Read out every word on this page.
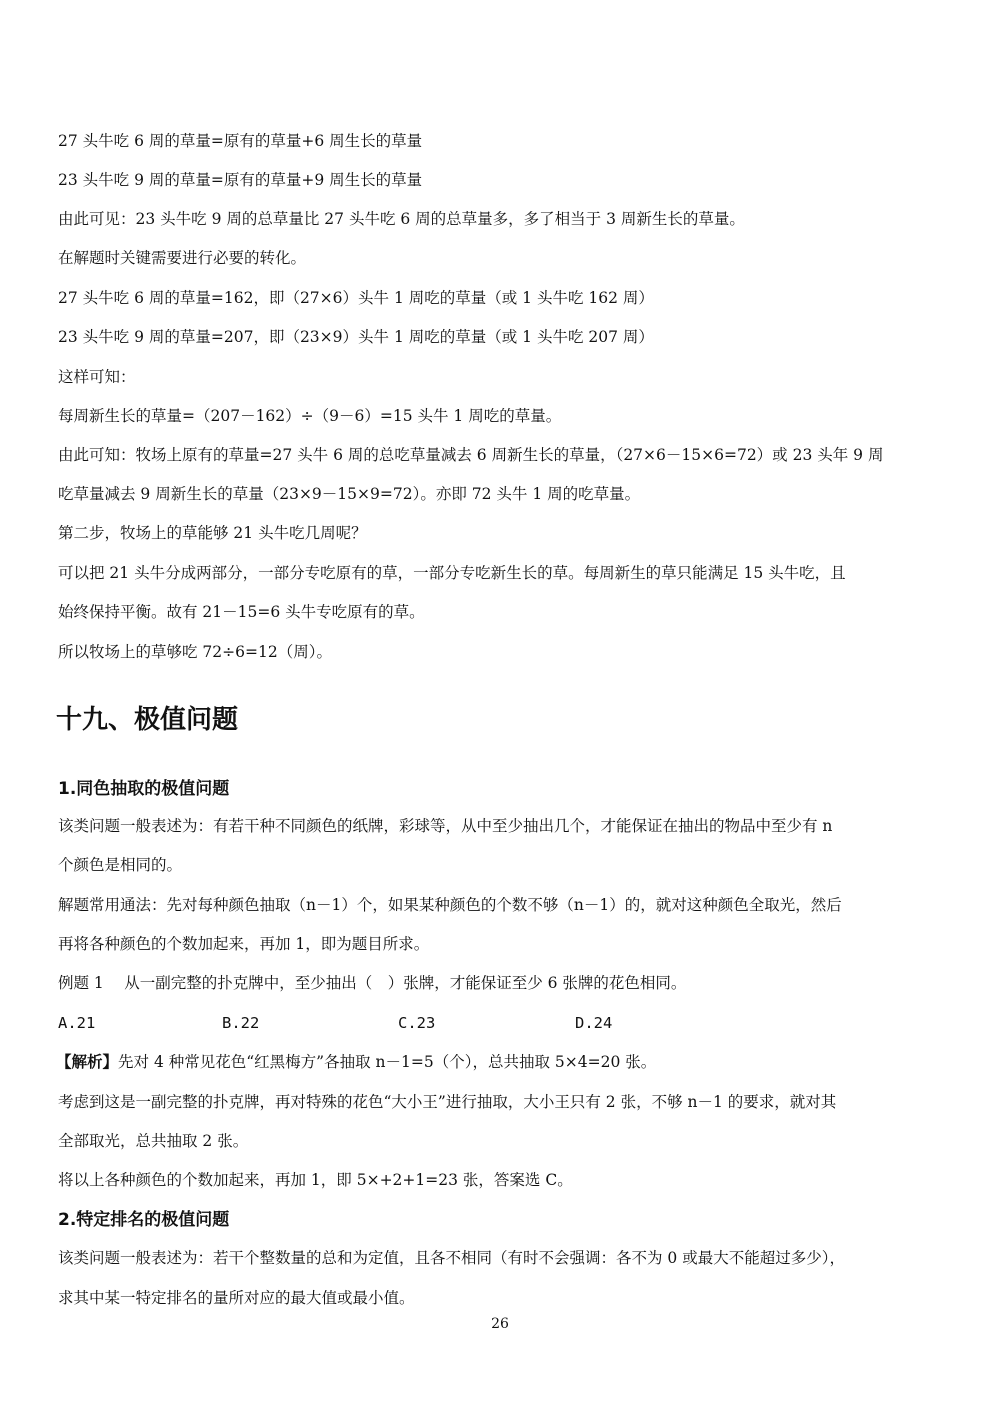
27 头牛吃 6 周的草量=原有的草量+6 周生长的草量
23 头牛吃 9 周的草量=原有的草量+9 周生长的草量
由此可见：23 头牛吃 9 周的总草量比 27 头牛吃 6 周的总草量多，多了相当于 3 周新生长的草量。
在解题时关键需要进行必要的转化。
27 头牛吃 6 周的草量=162，即（27×6）头牛 1 周吃的草量（或 1 头牛吃 162 周）
23 头牛吃 9 周的草量=207，即（23×9）头牛 1 周吃的草量（或 1 头牛吃 207 周）
这样可知：
每周新生长的草量=（207－162）÷（9－6）=15 头牛 1 周吃的草量。
由此可知：牧场上原有的草量=27 头牛 6 周的总吃草量减去 6 周新生长的草量，（27×6－15×6=72）或 23 头年 9 周
吃草量减去 9 周新生长的草量（23×9－15×9=72）。亦即 72 头牛 1 周的吃草量。
第二步，牧场上的草能够 21 头牛吃几周呢？
可以把 21 头牛分成两部分，一部分专吃原有的草，一部分专吃新生长的草。每周新生的草只能满足 15 头牛吃，且
始终保持平衡。故有 21－15=6 头牛专吃原有的草。
所以牧场上的草够吃 72÷6=12（周）。
十九、极值问题
1.同色抽取的极值问题
该类问题一般表述为：有若干种不同颜色的纸牌，彩球等，从中至少抽出几个，才能保证在抽出的物品中至少有 n
个颜色是相同的。
解题常用通法：先对每种颜色抽取（n－1）个，如果某种颜色的个数不够（n－1）的，就对这种颜色全取光，然后
再将各种颜色的个数加起来，再加 1，即为题目所求。
例题 1　 从一副完整的扑克牌中，至少抽出（　）张牌，才能保证至少 6 张牌的花色相同。
A.21	B.22	C.23	D.24
【解析】先对 4 种常见花色“红黑梅方”各抽取 n－1=5（个），总共抽取 5×4=20 张。
考虑到这是一副完整的扑克牌，再对特殊的花色“大小王”进行抽取，大小王只有 2 张，不够 n－1 的要求，就对其
全部取光，总共抽取 2 张。
将以上各种颜色的个数加起来，再加 1，即 5×+2+1=23 张，答案选 C。
2.特定排名的极值问题
该类问题一般表述为：若干个整数量的总和为定值，且各不相同（有时不会强调：各不为 0 或最大不能超过多少），
求其中某一特定排名的量所对应的最大值或最小值。
26
